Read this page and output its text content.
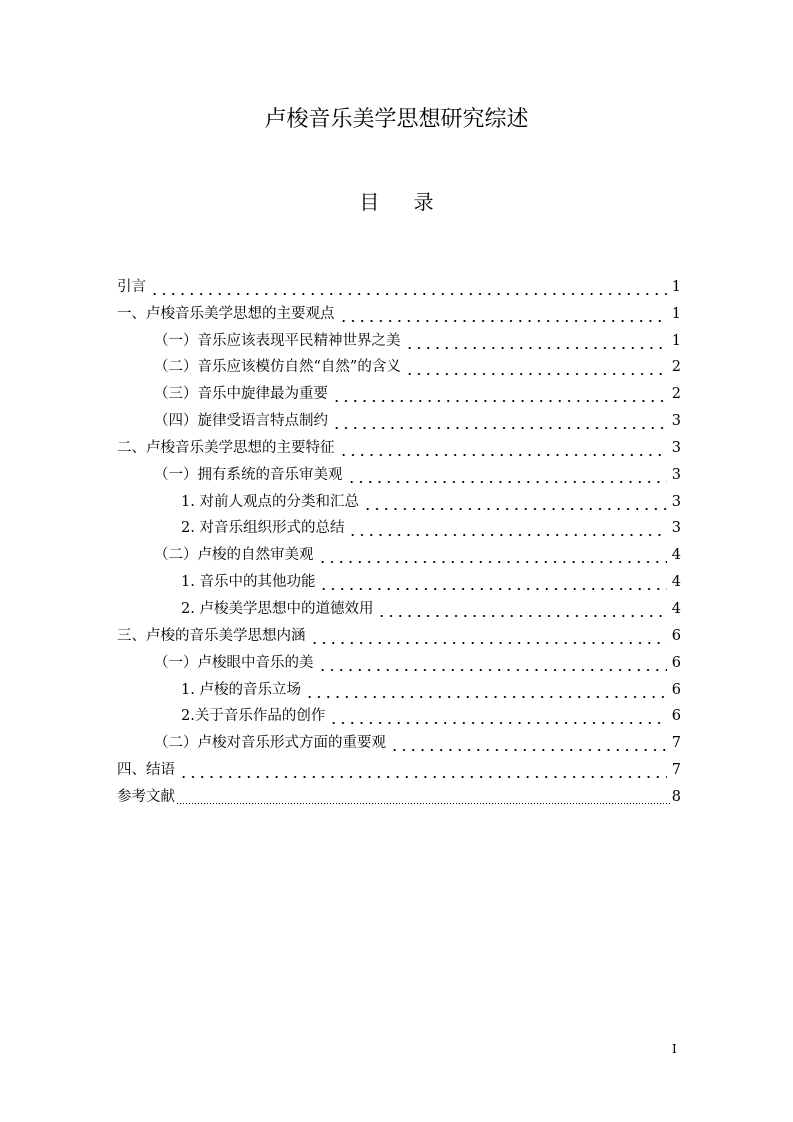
卢梭音乐美学思想研究综述
目 录
引言	1
一、卢梭音乐美学思想的主要观点	1
（一）音乐应该表现平民精神世界之美	1
（二）音乐应该模仿自然“自然”的含义	2
（三）音乐中旋律最为重要	2
（四）旋律受语言特点制约	3
二、卢梭音乐美学思想的主要特征	3
（一）拥有系统的音乐审美观	3
1. 对前人观点的分类和汇总	3
2. 对音乐组织形式的总结	3
（二）卢梭的自然审美观	4
1. 音乐中的其他功能	4
2. 卢梭美学思想中的道德效用	4
三、卢梭的音乐美学思想内涵	6
（一）卢梭眼中音乐的美	6
1. 卢梭的音乐立场	6
2.关于音乐作品的创作	6
（二）卢梭对音乐形式方面的重要观	7
四、结语	7
参考文献	8
I
